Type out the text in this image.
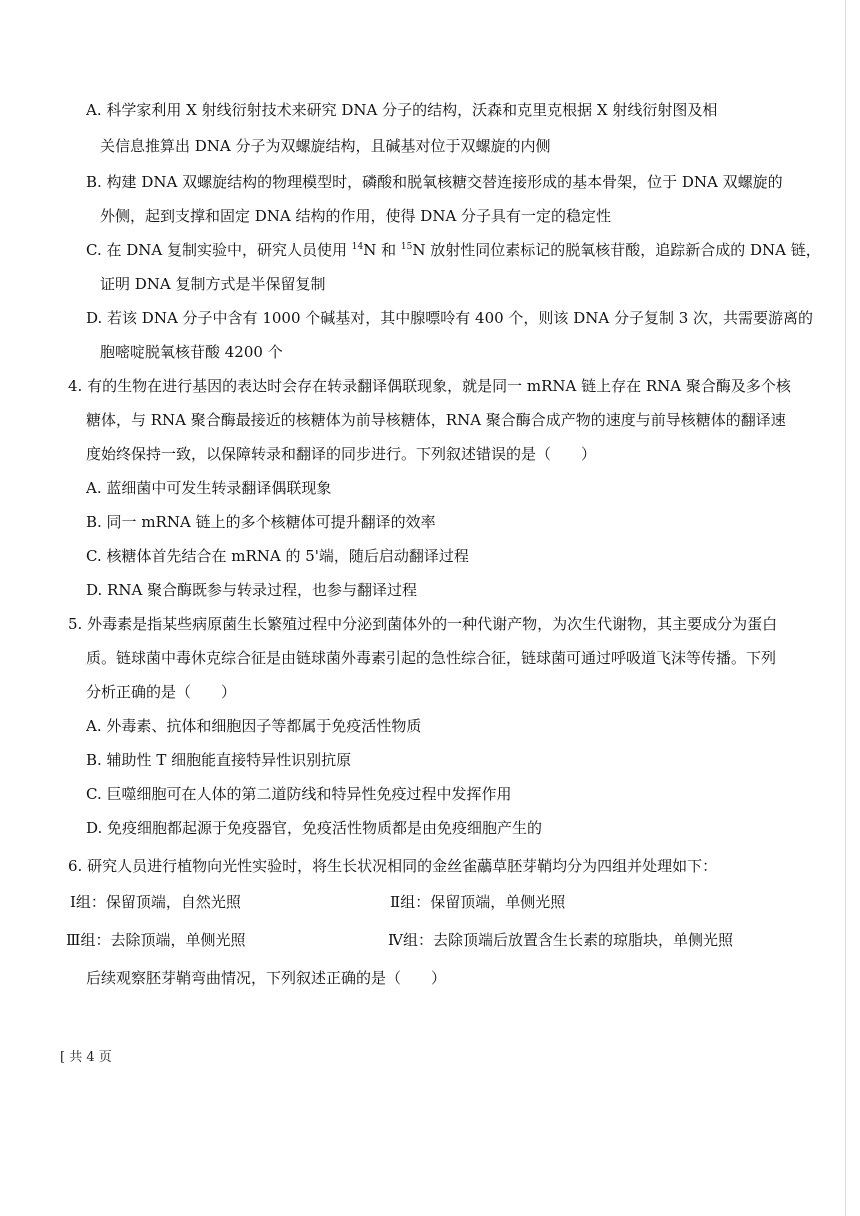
A. 科学家利用 X 射线衍射技术来研究 DNA 分子的结构，沃森和克里克根据 X 射线衍射图及相
关信息推算出 DNA 分子为双螺旋结构，且碱基对位于双螺旋的内侧
B. 构建 DNA 双螺旋结构的物理模型时，磷酸和脱氧核糖交替连接形成的基本骨架，位于 DNA 双螺旋的
外侧，起到支撑和固定 DNA 结构的作用，使得 DNA 分子具有一定的稳定性
C. 在 DNA 复制实验中，研究人员使用 $^{14}$N 和 $^{15}$N 放射性同位素标记的脱氧核苷酸，追踪新合成的 DNA 链，
证明 DNA 复制方式是半保留复制
D. 若该 DNA 分子中含有 1000 个碱基对，其中腺嘌呤有 400 个，则该 DNA 分子复制 3 次，共需要游离的
胞嘧啶脱氧核苷酸 4200 个
4. 有的生物在进行基因的表达时会存在转录翻译偶联现象，就是同一 mRNA 链上存在 RNA 聚合酶及多个核
糖体，与 RNA 聚合酶最接近的核糖体为前导核糖体，RNA 聚合酶合成产物的速度与前导核糖体的翻译速
度始终保持一致，以保障转录和翻译的同步进行。下列叙述错误的是（　　）
A. 蓝细菌中可发生转录翻译偶联现象
B. 同一 mRNA 链上的多个核糖体可提升翻译的效率
C. 核糖体首先结合在 mRNA 的 5'端，随后启动翻译过程
D. RNA 聚合酶既参与转录过程，也参与翻译过程
5. 外毒素是指某些病原菌生长繁殖过程中分泌到菌体外的一种代谢产物，为次生代谢物，其主要成分为蛋白
质。链球菌中毒休克综合征是由链球菌外毒素引起的急性综合征，链球菌可通过呼吸道飞沫等传播。下列
分析正确的是（　　）
A. 外毒素、抗体和细胞因子等都属于免疫活性物质
B. 辅助性 T 细胞能直接特异性识别抗原
C. 巨噬细胞可在人体的第二道防线和特异性免疫过程中发挥作用
D. 免疫细胞都起源于免疫器官，免疫活性物质都是由免疫细胞产生的
6. 研究人员进行植物向光性实验时，将生长状况相同的金丝雀虉草胚芽鞘均分为四组并处理如下：
Ⅰ组：保留顶端，自然光照	Ⅱ组：保留顶端，单侧光照
Ⅲ组：去除顶端，单侧光照	Ⅳ组：去除顶端后放置含生长素的琼脂块，单侧光照
后续观察胚芽鞘弯曲情况，下列叙述正确的是（　　）
[ 共 4 页
